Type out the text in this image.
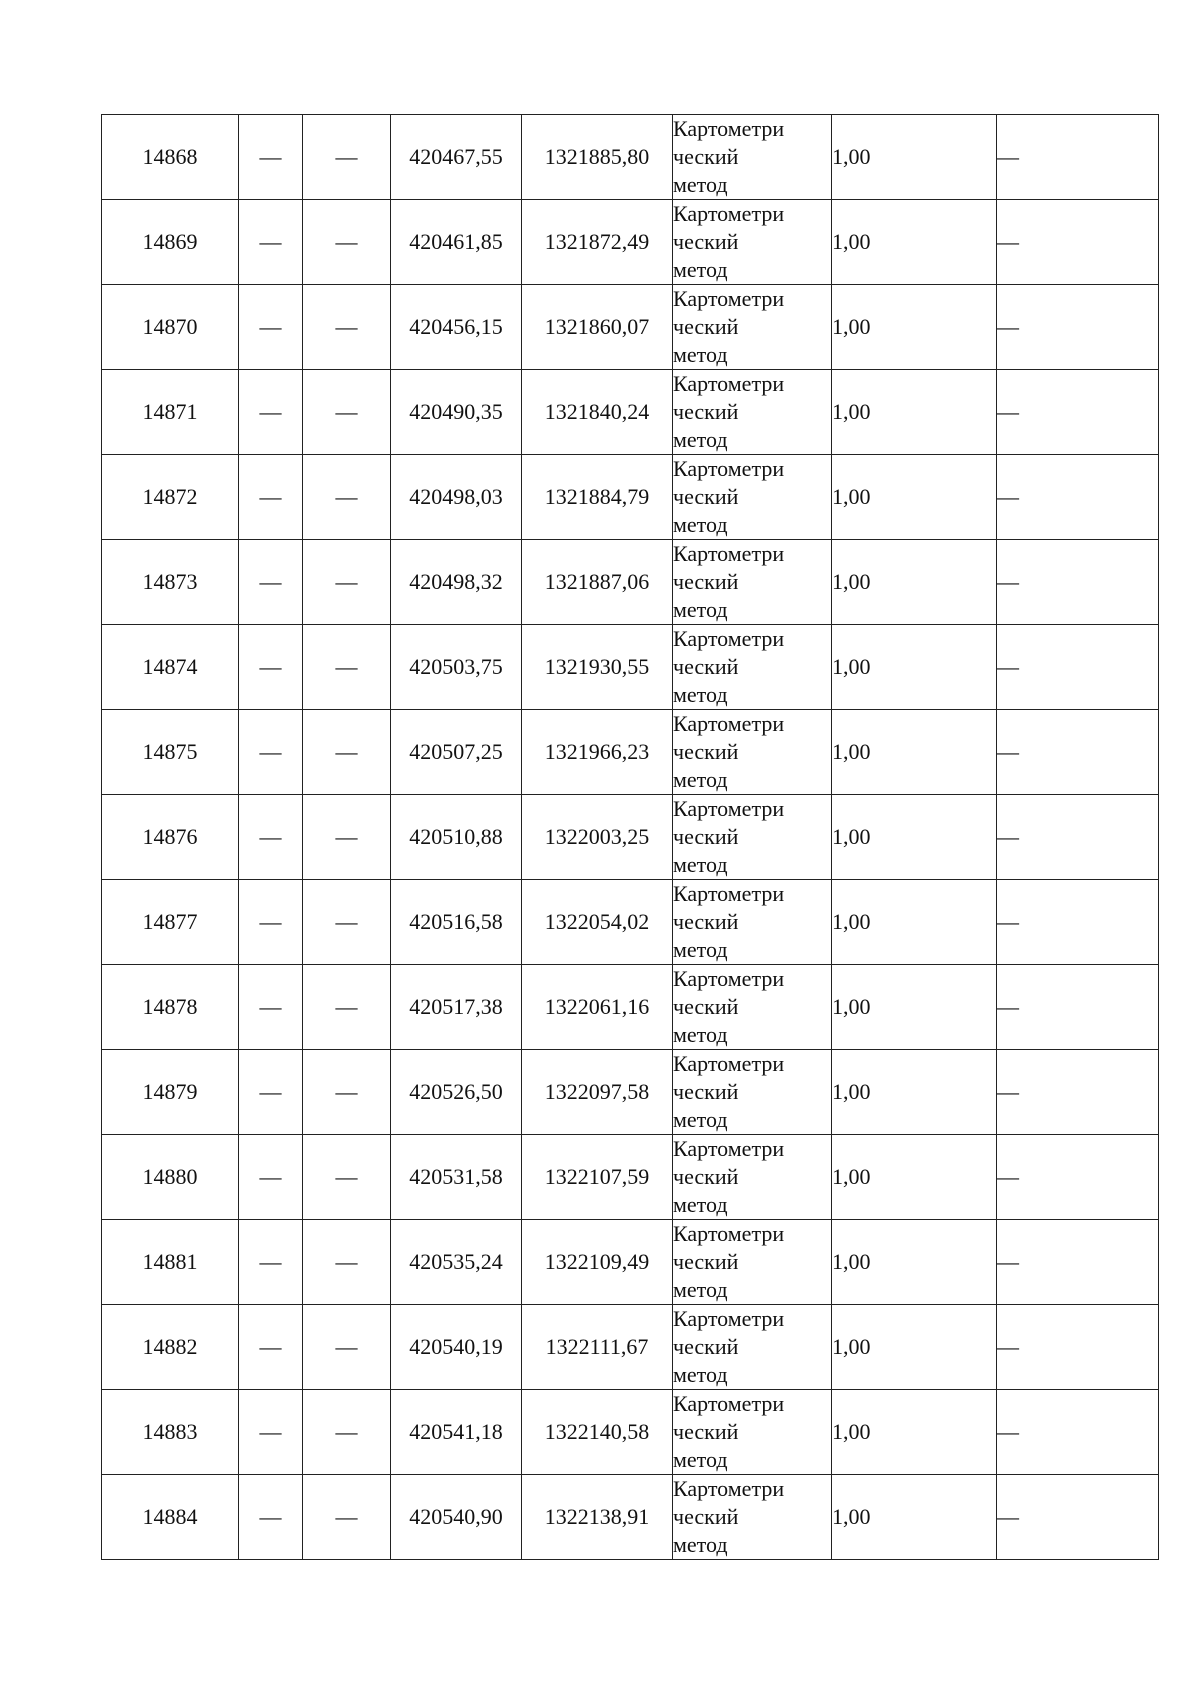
14868	—	—	420467,55	1321885,80	Картометри
ческий
метод	1,00	—
14869	—	—	420461,85	1321872,49	Картометри
ческий
метод	1,00	—
14870	—	—	420456,15	1321860,07	Картометри
ческий
метод	1,00	—
14871	—	—	420490,35	1321840,24	Картометри
ческий
метод	1,00	—
14872	—	—	420498,03	1321884,79	Картометри
ческий
метод	1,00	—
14873	—	—	420498,32	1321887,06	Картометри
ческий
метод	1,00	—
14874	—	—	420503,75	1321930,55	Картометри
ческий
метод	1,00	—
14875	—	—	420507,25	1321966,23	Картометри
ческий
метод	1,00	—
14876	—	—	420510,88	1322003,25	Картометри
ческий
метод	1,00	—
14877	—	—	420516,58	1322054,02	Картометри
ческий
метод	1,00	—
14878	—	—	420517,38	1322061,16	Картометри
ческий
метод	1,00	—
14879	—	—	420526,50	1322097,58	Картометри
ческий
метод	1,00	—
14880	—	—	420531,58	1322107,59	Картометри
ческий
метод	1,00	—
14881	—	—	420535,24	1322109,49	Картометри
ческий
метод	1,00	—
14882	—	—	420540,19	1322111,67	Картометри
ческий
метод	1,00	—
14883	—	—	420541,18	1322140,58	Картометри
ческий
метод	1,00	—
14884	—	—	420540,90	1322138,91	Картометри
ческий
метод	1,00	—
